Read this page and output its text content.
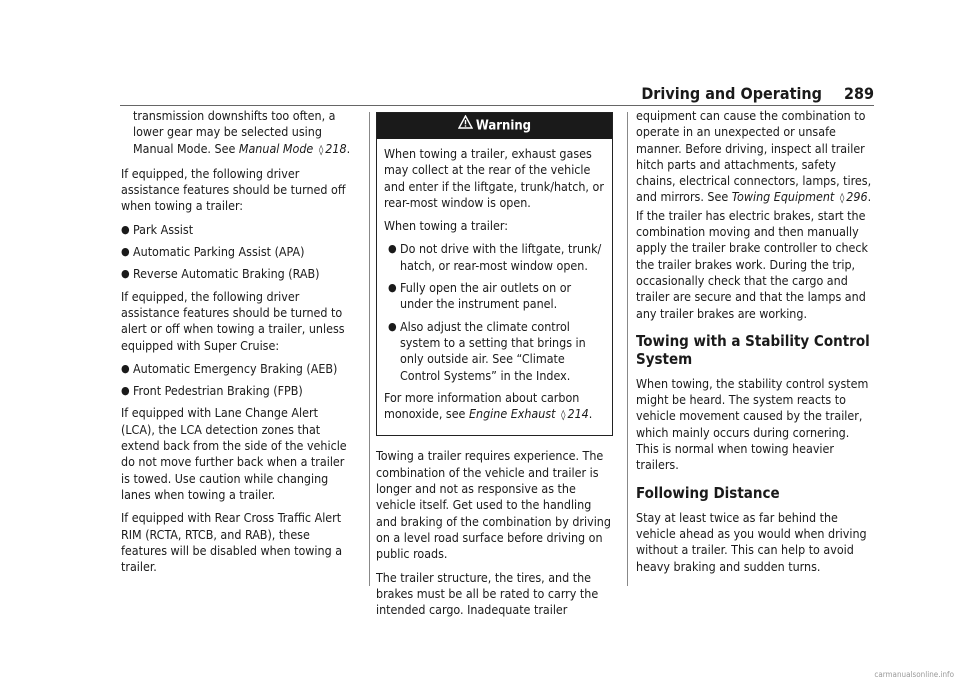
Driving and Operating 289

transmission downshifts too often, a lower gear may be selected using Manual Mode. See Manual Mode ◊ 218.

If equipped, the following driver assistance features should be turned off when towing a trailer:

● Park Assist
● Automatic Parking Assist (APA)
● Reverse Automatic Braking (RAB)

If equipped, the following driver assistance features should be turned to alert or off when towing a trailer, unless equipped with Super Cruise:

● Automatic Emergency Braking (AEB)
● Front Pedestrian Braking (FPB)

If equipped with Lane Change Alert (LCA), the LCA detection zones that extend back from the side of the vehicle do not move further back when a trailer is towed. Use caution while changing lanes when towing a trailer.

If equipped with Rear Cross Traffic Alert RIM (RCTA, RTCB, and RAB), these features will be disabled when towing a trailer.

Warning

When towing a trailer, exhaust gases may collect at the rear of the vehicle and enter if the liftgate, trunk/hatch, or rear-most window is open.

When towing a trailer:

● Do not drive with the liftgate, trunk/ hatch, or rear-most window open.
● Fully open the air outlets on or under the instrument panel.
● Also adjust the climate control system to a setting that brings in only outside air. See “Climate Control Systems” in the Index.

For more information about carbon monoxide, see Engine Exhaust ◊ 214.

Towing a trailer requires experience. The combination of the vehicle and trailer is longer and not as responsive as the vehicle itself. Get used to the handling and braking of the combination by driving on a level road surface before driving on public roads.

The trailer structure, the tires, and the brakes must be all be rated to carry the intended cargo. Inadequate trailer

equipment can cause the combination to operate in an unexpected or unsafe manner. Before driving, inspect all trailer hitch parts and attachments, safety chains, electrical connectors, lamps, tires, and mirrors. See Towing Equipment ◊ 296. If the trailer has electric brakes, start the combination moving and then manually apply the trailer brake controller to check the trailer brakes work. During the trip, occasionally check that the cargo and trailer are secure and that the lamps and any trailer brakes are working.

Towing with a Stability Control System

When towing, the stability control system might be heard. The system reacts to vehicle movement caused by the trailer, which mainly occurs during cornering. This is normal when towing heavier trailers.

Following Distance

Stay at least twice as far behind the vehicle ahead as you would when driving without a trailer. This can help to avoid heavy braking and sudden turns.

carmanualsonline.info
